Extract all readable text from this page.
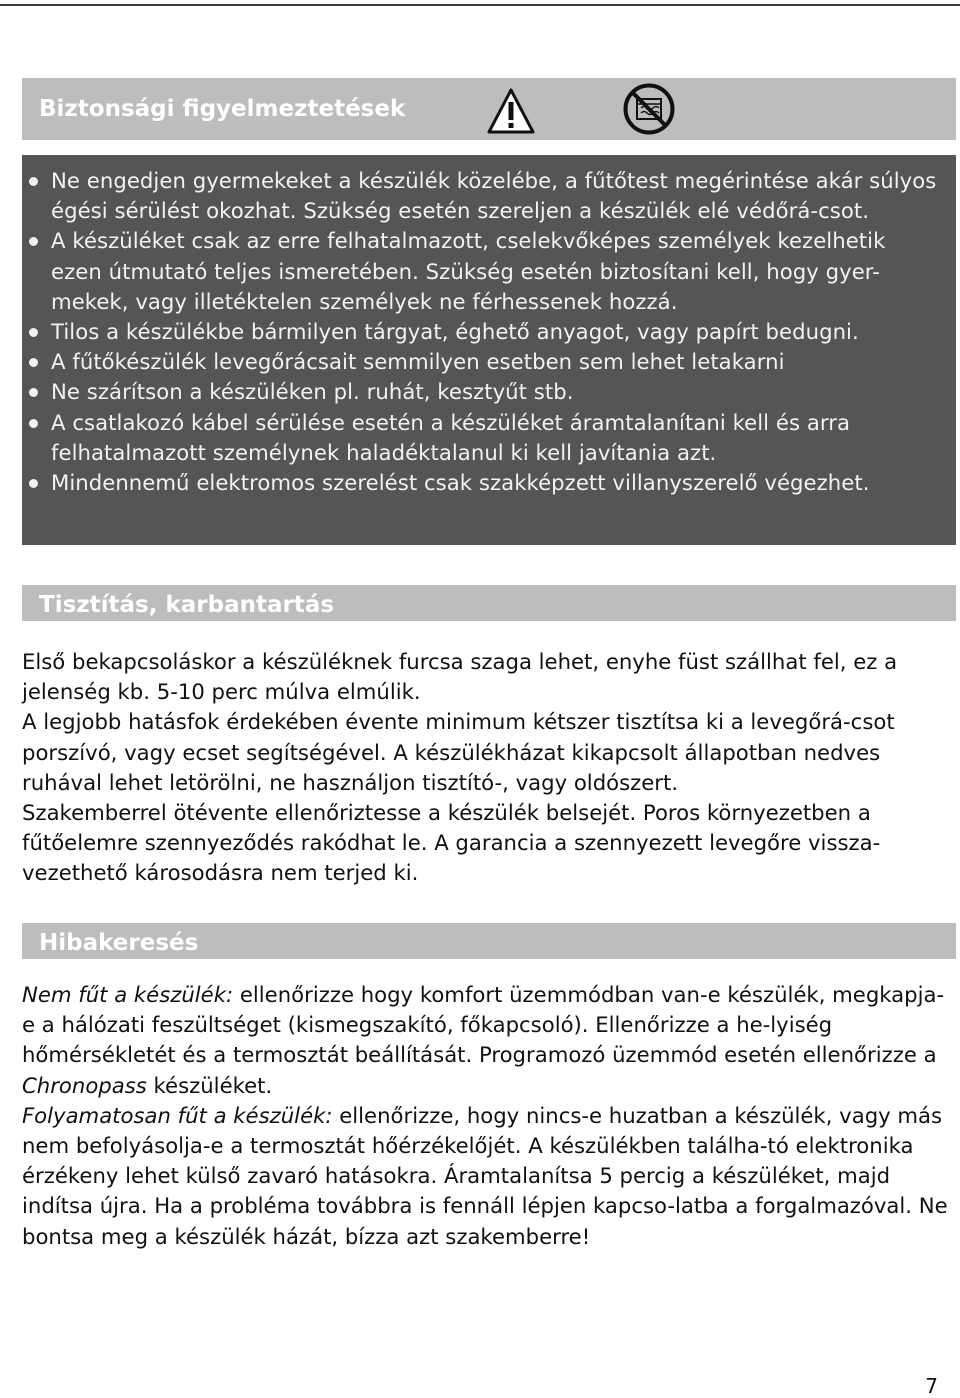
Biztonsági figyelmeztetések
Ne engedjen gyermekeket a készülék közelébe, a fűtőtest megérintése akár súlyos égési sérülést okozhat. Szükség esetén szereljen a készülék elé védőrá-csot.
A készüléket csak az erre felhatalmazott, cselekvőképes személyek kezelhetik ezen útmutató teljes ismeretében. Szükség esetén biztosítani kell, hogy gyer-mekek, vagy illetéktelen személyek ne férhessenek hozzá.
Tilos a készülékbe bármilyen tárgyat, éghető anyagot, vagy papírt bedugni.
A fűtőkészülék levegőrácsait semmilyen esetben sem lehet letakarni
Ne szárítson a készüléken pl. ruhát, kesztyűt stb.
A csatlakozó kábel sérülése esetén a készüléket áramtalanítani kell és arra felhatalmazott személynek haladéktalanul ki kell javítania azt.
Mindennemű elektromos szerelést csak szakképzett villanyszerelő végezhet.
Tisztítás, karbantartás

Első bekapcsoláskor a készüléknek furcsa szaga lehet, enyhe füst szállhat fel, ez a jelenség kb. 5-10 perc múlva elmúlik.

A legjobb hatásfok érdekében évente minimum kétszer tisztítsa ki a levegőrá-csot porszívó, vagy ecset segítségével. A készülékházat kikapcsolt állapotban nedves ruhával lehet letörölni, ne használjon tisztító-, vagy oldószert.

Szakemberrel ötévente ellenőriztesse a készülék belsejét. Poros környezetben a fűtőelemre szennyeződés rakódhat le. A garancia a szennyezett levegőre vissza-vezethető károsodásra nem terjed ki.

Hibakeresés

Nem fűt a készülék: ellenőrizze hogy komfort üzemmódban van-e készülék, megkapja-e a hálózati feszültséget (kismegszakító, főkapcsoló). Ellenőrizze a he-lyiség hőmérsékletét és a termosztát beállítását. Programozó üzemmód esetén ellenőrizze a Chronopass készüléket.

Folyamatosan fűt a készülék: ellenőrizze, hogy nincs-e huzatban a készülék, vagy más nem befolyásolja-e a termosztát hőérzékelőjét. A készülékben találha-tó elektronika érzékeny lehet külső zavaró hatásokra. Áramtalanítsa 5 percig a készüléket, majd indítsa újra. Ha a probléma továbbra is fennáll lépjen kapcso-latba a forgalmazóval. Ne bontsa meg a készülék házát, bízza azt szakemberre!

7
